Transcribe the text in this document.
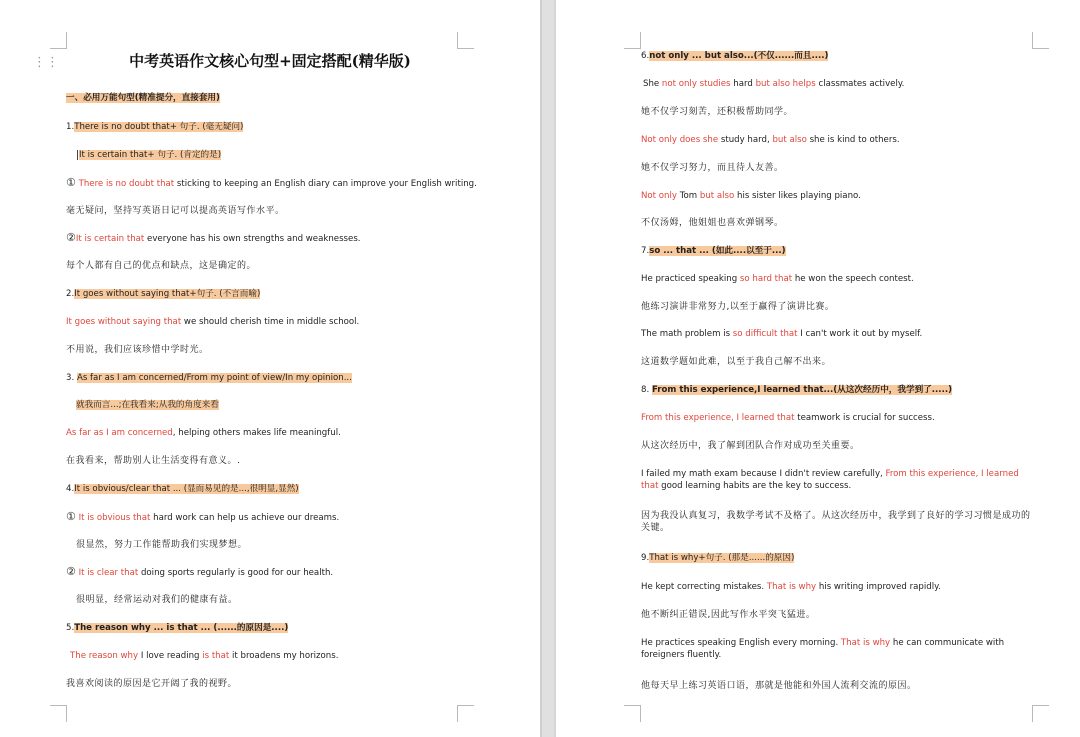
⋮⋮	中考英语作文核心句型+固定搭配(精华版)
一、必用万能句型(精准提分，直接套用)
1.There is no doubt that+ 句子. (毫无疑问)
It is certain that+ 句子. (肯定的是)
① There is no doubt that sticking to keeping an English diary can improve your English writing.
毫无疑问，坚持写英语日记可以提高英语写作水平。
②It is certain that everyone has his own strengths and weaknesses.
每个人都有自己的优点和缺点，这是确定的。
2.It goes without saying that+句子. (不言而喻)
It goes without saying that we should cherish time in middle school.
不用说，我们应该珍惜中学时光。
3. As far as I am concerned/From my point of view/In my opinion...
就我而言...;在我看来;从我的角度来看
As far as I am concerned, helping others makes life meaningful.
在我看来，帮助别人让生活变得有意义。.
4.It is obvious/clear that ... (显而易见的是...,很明显,显然)
① It is obvious that hard work can help us achieve our dreams.
很显然，努力工作能帮助我们实现梦想。
② It is clear that doing sports regularly is good for our health.
很明显，经常运动对我们的健康有益。
5.The reason why ... is that ... (......的原因是....)
The reason why I love reading is that it broadens my horizons.
我喜欢阅读的原因是它开阔了我的视野。
6.not only ... but also...(不仅......而且....)
She not only studies hard but also helps classmates actively.
她不仅学习刻苦，还积极帮助同学。
Not only does she study hard, but also she is kind to others.
她不仅学习努力，而且待人友善。
Not only Tom but also his sister likes playing piano.
不仅汤姆，他姐姐也喜欢弹钢琴。
7.so ... that ... (如此....以至于...)
He practiced speaking so hard that he won the speech contest.
他练习演讲非常努力,以至于赢得了演讲比赛。
The math problem is so difficult that I can't work it out by myself.
这道数学题如此难，以至于我自己解不出来。
8. From this experience,I learned that...(从这次经历中，我学到了.....)
From this experience, I learned that teamwork is crucial for success.
从这次经历中，我了解到团队合作对成功至关重要。
I failed my math exam because I didn't review carefully, From this experience, I learned that good learning habits are the key to success.
因为我没认真复习，我数学考试不及格了。从这次经历中，我学到了良好的学习习惯是成功的关键。
9.That is why+句子. (那是......的原因)
He kept correcting mistakes. That is why his writing improved rapidly.
他不断纠正错误,因此写作水平突飞猛进。
He practices speaking English every morning. That is why he can communicate with foreigners fluently.
他每天早上练习英语口语，那就是他能和外国人流利交流的原因。
